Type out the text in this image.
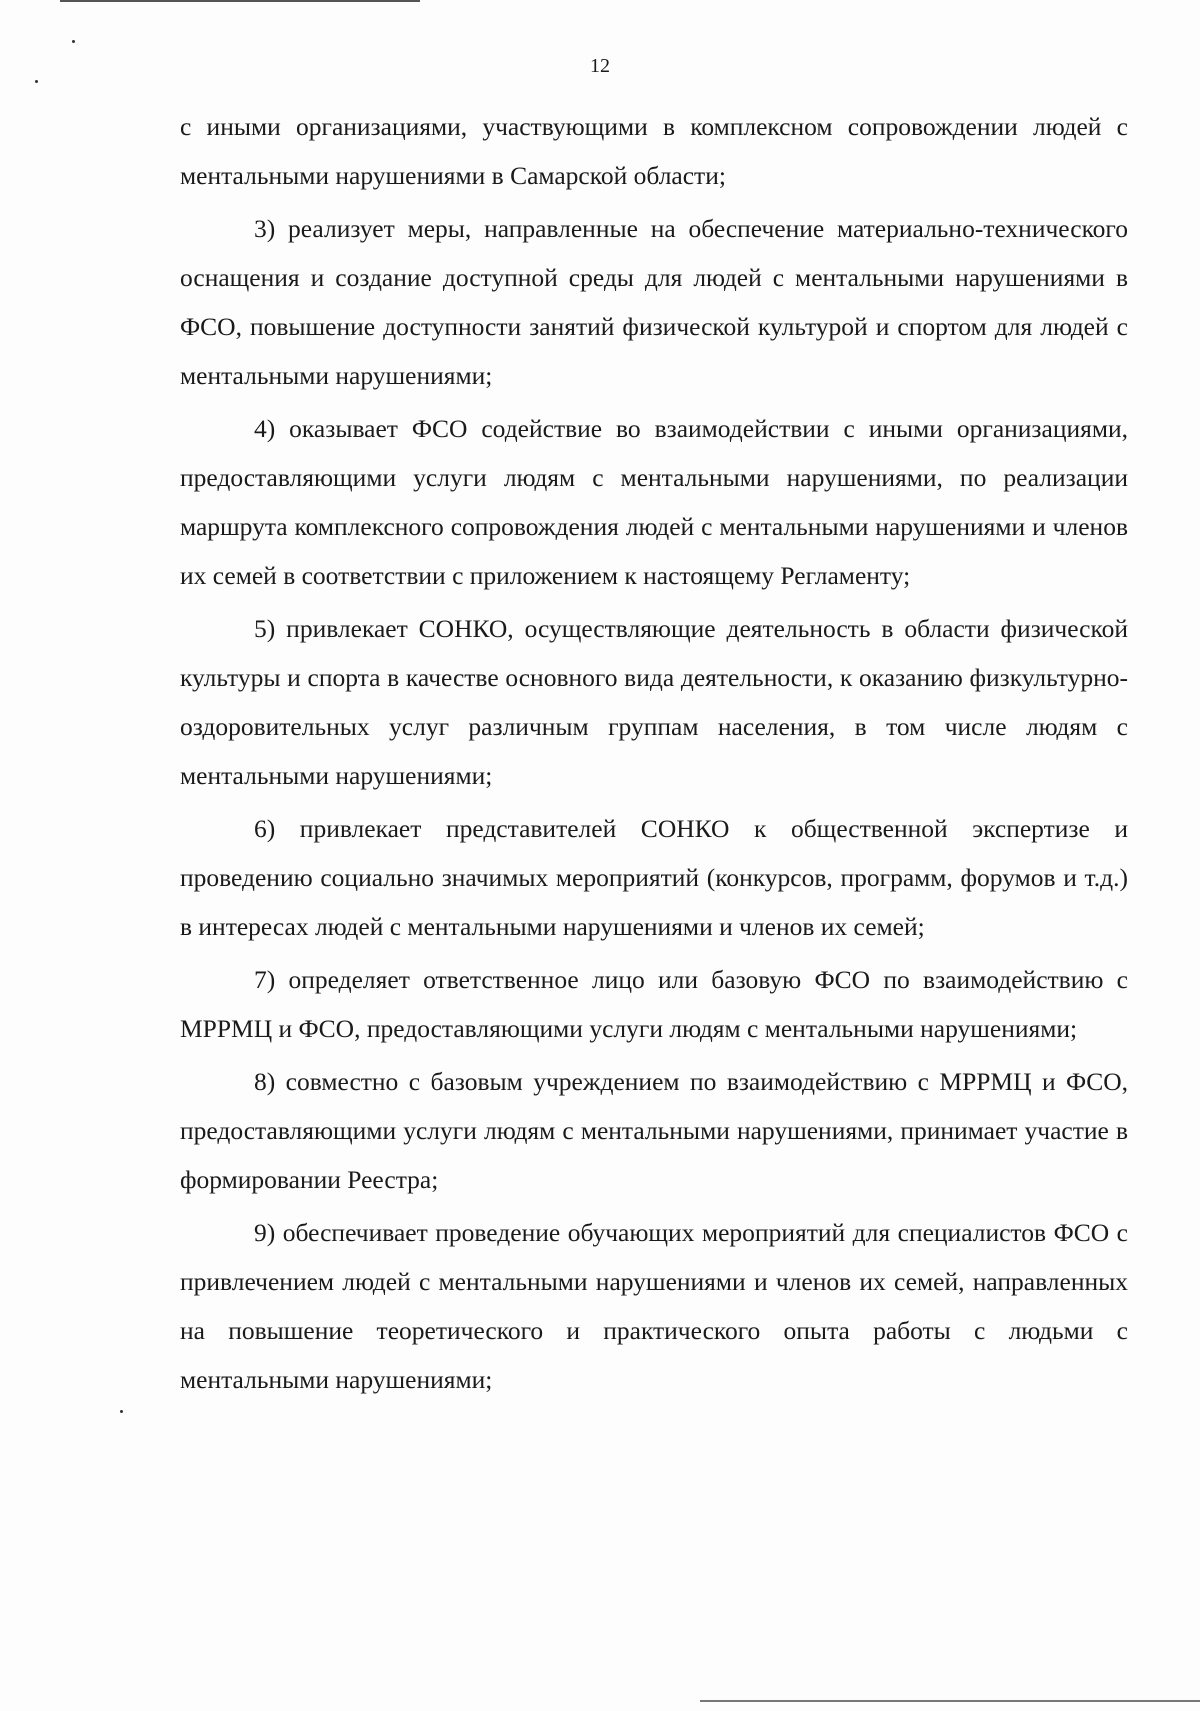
12

с иными организациями, участвующими в комплексном сопровождении людей с ментальными нарушениями в Самарской области;

3) реализует меры, направленные на обеспечение материально-технического оснащения и создание доступной среды для людей с ментальными нарушениями в ФСО, повышение доступности занятий физической культурой и спортом для людей с ментальными нарушениями;

4) оказывает ФСО содействие во взаимодействии с иными организациями, предоставляющими услуги людям с ментальными нарушениями, по реализации маршрута комплексного сопровождения людей с ментальными нарушениями и членов их семей в соответствии с приложением к настоящему Регламенту;

5) привлекает СОНКО, осуществляющие деятельность в области физической культуры и спорта в качестве основного вида деятельности, к оказанию физкультурно-оздоровительных услуг различным группам населения, в том числе людям с ментальными нарушениями;

6) привлекает представителей СОНКО к общественной экспертизе и проведению социально значимых мероприятий (конкурсов, программ, форумов и т.д.) в интересах людей с ментальными нарушениями и членов их семей;

7) определяет ответственное лицо или базовую ФСО по взаимодействию с МРРМЦ и ФСО, предоставляющими услуги людям с ментальными нарушениями;

8) совместно с базовым учреждением по взаимодействию с МРРМЦ и ФСО, предоставляющими услуги людям с ментальными нарушениями, принимает участие в формировании Реестра;

9) обеспечивает проведение обучающих мероприятий для специалистов ФСО с привлечением людей с ментальными нарушениями и членов их семей, направленных на повышение теоретического и практического опыта работы с людьми с ментальными нарушениями;
